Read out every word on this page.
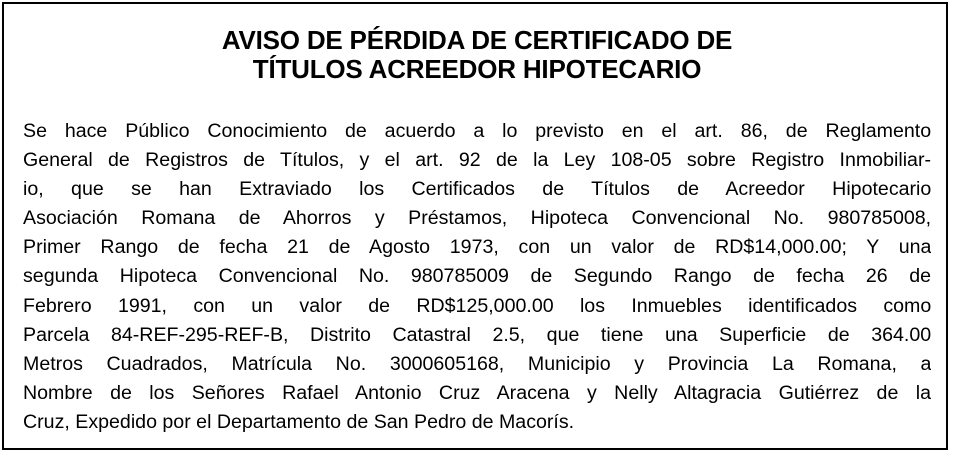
AVISO DE PÉRDIDA DE CERTIFICADO DE
TÍTULOS ACREEDOR HIPOTECARIO
Se hace Público Conocimiento de acuerdo a lo previsto en el art. 86, de Reglamento
General de Registros de Títulos, y el art. 92 de la Ley 108-05 sobre Registro Inmobiliar-
io, que se han Extraviado los Certificados de Títulos de Acreedor Hipotecario
Asociación Romana de Ahorros y Préstamos, Hipoteca Convencional No. 980785008,
Primer Rango de fecha 21 de Agosto 1973, con un valor de RD$14,000.00; Y una
segunda Hipoteca Convencional No. 980785009 de Segundo Rango de fecha 26 de
Febrero 1991, con un valor de RD$125,000.00 los Inmuebles identificados como
Parcela 84-REF-295-REF-B, Distrito Catastral 2.5, que tiene una Superficie de 364.00
Metros Cuadrados, Matrícula No. 3000605168, Municipio y Provincia La Romana, a
Nombre de los Señores Rafael Antonio Cruz Aracena y Nelly Altagracia Gutiérrez de la
Cruz, Expedido por el Departamento de San Pedro de Macorís.
